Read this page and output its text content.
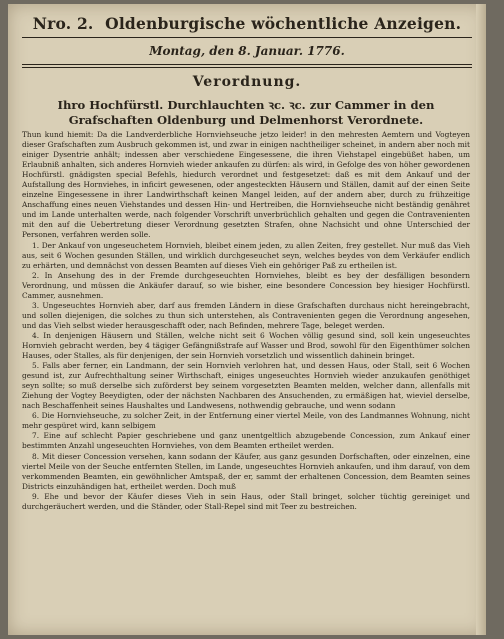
Nro. 2. Oldenburgische wöchentliche Anzeigen.
Montag, den 8. Januar. 1776.
Verordnung.
Ihro Hochfürstl. Durchlauchten ꝛc. ꝛc. zur Cammer in den Grafschaften Oldenburg und Delmenhorst Verordnete.

Thun kund hiemit: Da die Landverderbliche Hornviehseuche jetzo leider! in den mehresten Aemtern und Vogteyen dieser Grafschaften zum Ausbruch gekommen ist, und zwar in einigen nachtheiliger scheinet, in andern aber noch mit einiger Dysentrie anhält; indessen aber verschiedene Eingesessene, die ihren Viehstapel eingebüßet haben, um Erlaubniß anhalten, sich anderes Hornvieh wieder ankaufen zu dürfen: als wird, in Gefolge des von höher gewordenen Hochfürstl. gnädigsten special Befehls, hiedurch verordnet und festgesetzet: daß es mit dem Ankauf und der Aufstallung des Hornviehes, in inficirt gewesenen, oder angesteckten Häusern und Ställen, damit auf der einen Seite einzelne Eingesessene in ihrer Landwirthschaft keinen Mangel leiden, auf der andern aber, durch zu frühzeitige Anschaffung eines neuen Viehstandes und dessen Hin- und Hertreiben, die Hornviehseuche nicht beständig genähret und im Lande unterhalten werde, nach folgender Vorschrift unverbrüchlich gehalten und gegen die Contravenienten mit den auf die Uebertretung dieser Verordnung gesetzten Strafen, ohne Nachsicht und ohne Unterschied der Personen, verfahren werden solle.

1. Der Ankauf von ungeseuchetem Hornvieh, bleibet einem jeden, zu allen Zeiten, frey gestellet. Nur muß das Vieh aus, seit 6 Wochen gesunden Ställen, und wirklich durchgeseuchet seyn, welches beydes von dem Verkäufer endlich zu erhärten, und demnächst von dessen Beamten auf dieses Vieh ein gehöriger Paß zu ertheilen ist.

2. In Ansehung des in der Fremde durchgeseuchten Hornviehes, bleibt es bey der desfälligen besondern Verordnung, und müssen die Ankäufer darauf, so wie bisher, eine besondere Concession bey hiesiger Hochfürstl. Cammer, ausnehmen.

3. Ungeseuchtes Hornvieh aber, darf aus fremden Ländern in diese Grafschaften durchaus nicht hereingebracht, und sollen diejenigen, die solches zu thun sich unterstehen, als Contravenienten gegen die Verordnung angesehen, und das Vieh selbst wieder herausgeschafft oder, nach Befinden, mehrere Tage, beleget werden.

4. In denjenigen Häusern und Ställen, welche nicht seit 6 Wochen völlig gesund sind, soll kein ungeseuchtes Hornvieh gebracht werden, bey 4 tägiger Gefängnißstrafe auf Wasser und Brod, sowohl für den Eigenthümer solchen Hauses, oder Stalles, als für denjenigen, der sein Hornvieh vorsetzlich und wissentlich dahinein bringet.

5. Falls aber ferner, ein Landmann, der sein Hornvieh verlohren hat, und dessen Haus, oder Stall, seit 6 Wochen gesund ist, zur Aufrechthaltung seiner Wirthschaft, einiges ungeseuchtes Hornvieh wieder anzukaufen genöthiget seyn sollte; so muß derselbe sich zuförderst bey seinem vorgesetzten Beamten melden, welcher dann, allenfalls mit Ziehung der Vogtey Beeydigten, oder der nächsten Nachbaren des Ansuchenden, zu ermäßigen hat, wieviel derselbe, nach Beschaffenheit seines Haushaltes und Landwesens, nothwendig gebrauche, und wenn sodann

6. Die Hornviehseuche, zu solcher Zeit, in der Entfernung einer viertel Meile, von des Landmannes Wohnung, nicht mehr gespüret wird, kann selbigem

7. Eine auf schlecht Papier geschriebene und ganz unentgeltlich abzugebende Concession, zum Ankauf einer bestimmten Anzahl ungeseuchten Hornviehes, von dem Beamten ertheilet werden.

8. Mit dieser Concession versehen, kann sodann der Käufer, aus ganz gesunden Dorfschaften, oder einzelnen, eine viertel Meile von der Seuche entfernten Stellen, im Lande, ungeseuchtes Hornvieh ankaufen, und ihm darauf, von dem verkommenden Beamten, ein gewöhnlicher Amtspaß, der er, sammt der erhaltenen Concession, dem Beamten seines Districts einzuhändigen hat, ertheilet werden. Doch muß

9. Ehe und bevor der Käufer dieses Vieh in sein Haus, oder Stall bringet, solcher tüchtig gereiniget und durchgeräuchert werden, und die Ständer, oder Stall-Repel sind mit Teer zu bestreichen.
